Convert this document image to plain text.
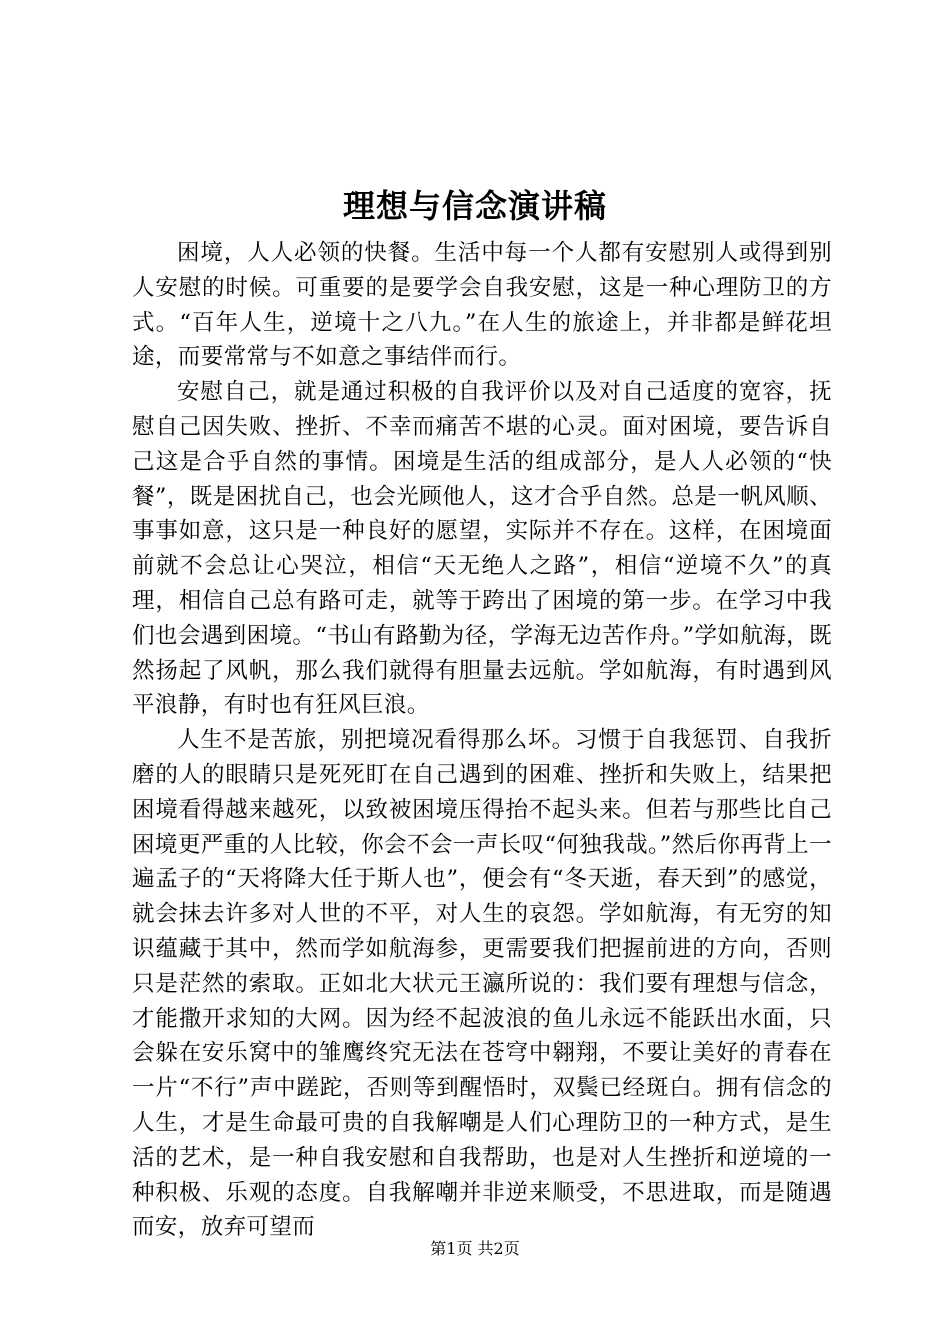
理想与信念演讲稿

困境，人人必领的快餐。生活中每一个人都有安慰别人或得到别人安慰的时候。可重要的是要学会自我安慰，这是一种心理防卫的方式。“百年人生，逆境十之八九。”在人生的旅途上，并非都是鲜花坦途，而要常常与不如意之事结伴而行。

安慰自己，就是通过积极的自我评价以及对自己适度的宽容，抚慰自己因失败、挫折、不幸而痛苦不堪的心灵。面对困境，要告诉自己这是合乎自然的事情。困境是生活的组成部分，是人人必领的“快餐”，既是困扰自己，也会光顾他人，这才合乎自然。总是一帆风顺、事事如意，这只是一种良好的愿望，实际并不存在。这样，在困境面前就不会总让心哭泣，相信“天无绝人之路”，相信“逆境不久”的真理，相信自己总有路可走，就等于跨出了困境的第一步。在学习中我们也会遇到困境。“书山有路勤为径，学海无边苦作舟。”学如航海，既然扬起了风帆，那么我们就得有胆量去远航。学如航海，有时遇到风平浪静，有时也有狂风巨浪。

人生不是苦旅，别把境况看得那么坏。习惯于自我惩罚、自我折磨的人的眼睛只是死死盯在自己遇到的困难、挫折和失败上，结果把困境看得越来越死，以致被困境压得抬不起头来。但若与那些比自己困境更严重的人比较，你会不会一声长叹“何独我哉。”然后你再背上一遍孟子的“天将降大任于斯人也”，便会有“冬天逝，春天到”的感觉，就会抹去许多对人世的不平，对人生的哀怨。学如航海，有无穷的知识蕴藏于其中，然而学如航海参，更需要我们把握前进的方向，否则只是茫然的索取。正如北大状元王瀛所说的：我们要有理想与信念，才能撒开求知的大网。因为经不起波浪的鱼儿永远不能跃出水面，只会躲在安乐窝中的雏鹰终究无法在苍穹中翱翔，不要让美好的青春在一片“不行”声中蹉跎，否则等到醒悟时，双鬓已经斑白。拥有信念的人生，才是生命最可贵的自我解嘲是人们心理防卫的一种方式，是生活的艺术，是一种自我安慰和自我帮助，也是对人生挫折和逆境的一种积极、乐观的态度。自我解嘲并非逆来顺受，不思进取，而是随遇而安，放弃可望而

第1页 共2页
